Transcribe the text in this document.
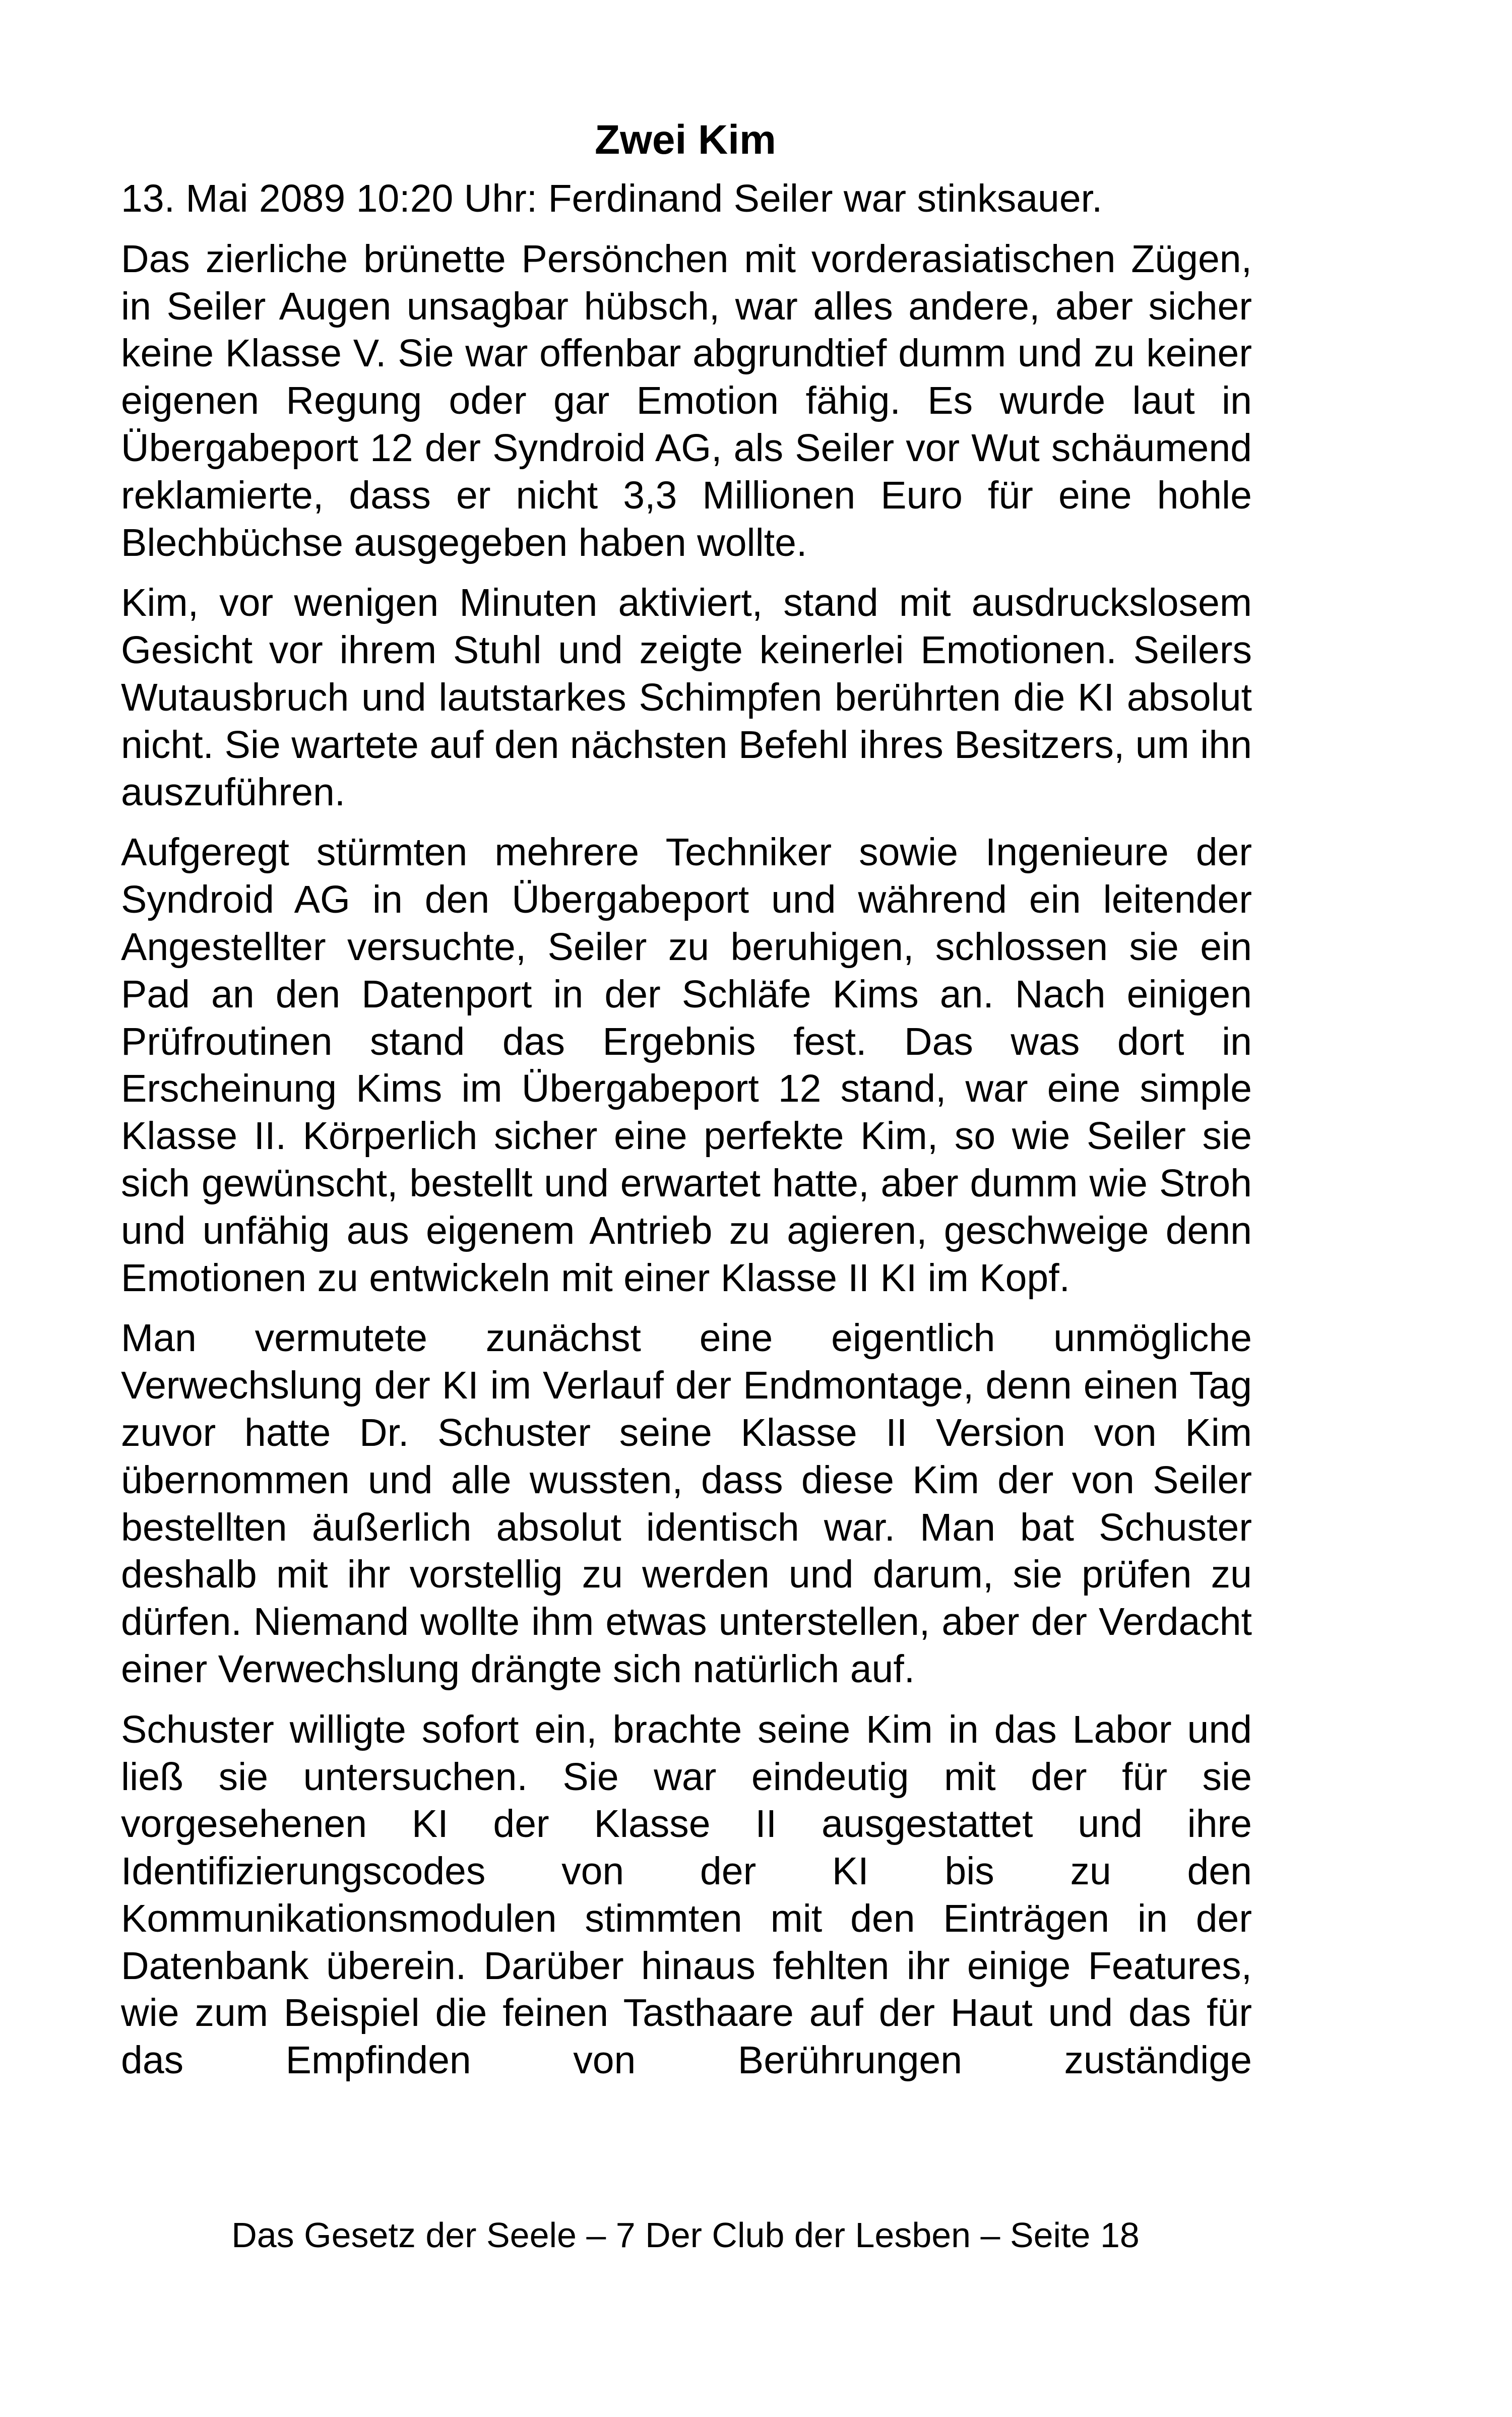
Zwei Kim

13. Mai 2089 10:20 Uhr: Ferdinand Seiler war stinksauer.

Das zierliche brünette Persönchen mit vorderasiatischen Zügen, in Seiler Augen unsagbar hübsch, war alles andere, aber sicher keine Klasse V. Sie war offenbar abgrundtief dumm und zu keiner eigenen Regung oder gar Emotion fähig. Es wurde laut in Übergabeport 12 der Syndroid AG, als Seiler vor Wut schäumend reklamierte, dass er nicht 3,3 Millionen Euro für eine hohle Blechbüchse ausgegeben haben wollte.

Kim, vor wenigen Minuten aktiviert, stand mit ausdruckslosem Gesicht vor ihrem Stuhl und zeigte keinerlei Emotionen. Seilers Wutausbruch und lautstarkes Schimpfen berührten die KI absolut nicht. Sie wartete auf den nächsten Befehl ihres Besitzers, um ihn auszuführen.

Aufgeregt stürmten mehrere Techniker sowie Ingenieure der Syndroid AG in den Übergabeport und während ein leitender Angestellter versuchte, Seiler zu beruhigen, schlossen sie ein Pad an den Datenport in der Schläfe Kims an. Nach einigen Prüfroutinen stand das Ergebnis fest. Das was dort in Erscheinung Kims im Übergabeport 12 stand, war eine simple Klasse II. Körperlich sicher eine perfekte Kim, so wie Seiler sie sich gewünscht, bestellt und erwartet hatte, aber dumm wie Stroh und unfähig aus eigenem Antrieb zu agieren, geschweige denn Emotionen zu entwickeln mit einer Klasse II KI im Kopf.

Man vermutete zunächst eine eigentlich unmögliche Verwechslung der KI im Verlauf der Endmontage, denn einen Tag zuvor hatte Dr. Schuster seine Klasse II Version von Kim übernommen und alle wussten, dass diese Kim der von Seiler bestellten äußerlich absolut identisch war. Man bat Schuster deshalb mit ihr vorstellig zu werden und darum, sie prüfen zu dürfen. Niemand wollte ihm etwas unterstellen, aber der Verdacht einer Verwechslung drängte sich natürlich auf.

Schuster willigte sofort ein, brachte seine Kim in das Labor und ließ sie untersuchen. Sie war eindeutig mit der für sie vorgesehenen KI der Klasse II ausgestattet und ihre Identifizierungscodes von der KI bis zu den Kommunikationsmodulen stimmten mit den Einträgen in der Datenbank überein. Darüber hinaus fehlten ihr einige Features, wie zum Beispiel die feinen Tasthaare auf der Haut und das für das Empfinden von Berührungen zuständige

Das Gesetz der Seele – 7 Der Club der Lesben – Seite 18
